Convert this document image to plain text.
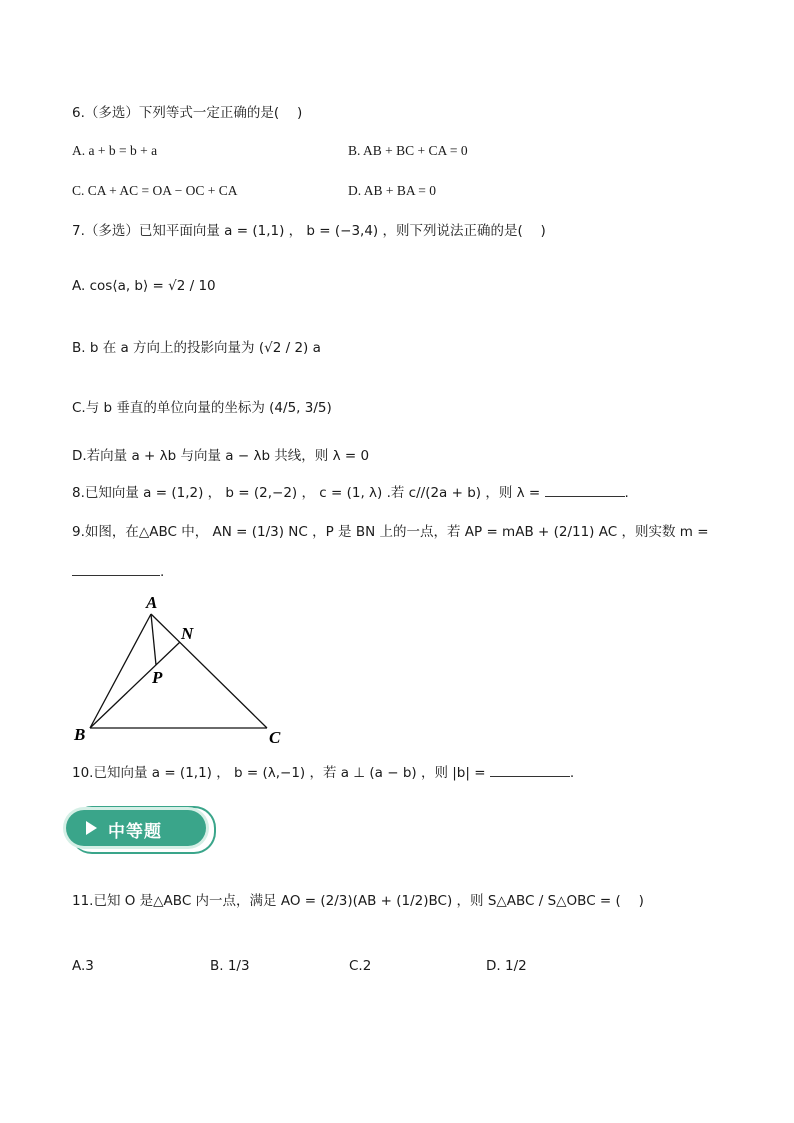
6.（多选）下列等式一定正确的是(　 )
A. a + b = b + a	B. AB + BC + CA = 0
C. CA + AC = OA − OC + CA	D. AB + BA = 0
7.（多选）已知平面向量 a = (1,1) ， b = (−3,4) ，则下列说法正确的是(　 )
A. cos⟨a, b⟩ = √2 / 10
B. b 在 a 方向上的投影向量为 (√2 / 2) a
C.与 b 垂直的单位向量的坐标为 (4/5, 3/5)
D.若向量 a + λb 与向量 a − λb 共线，则 λ = 0
8.已知向量 a = (1,2) ， b = (2,−2) ， c = (1, λ) .若 c//(2a + b) ，则 λ =	.
9.如图，在△ABC 中， AN = (1/3) NC ，P 是 BN 上的一点，若 AP = mAB + (2/11) AC ，则实数 m =
.
A
N
P
B	C
10.已知向量 a = (1,1) ， b = (λ,−1) ，若 a ⊥ (a − b) ，则 |b| =	.
中等题
11.已知 O 是△ABC 内一点，满足 AO = (2/3)(AB + (1/2)BC) ，则 S△ABC / S△OBC = (　 )
A.3	B. 1/3	C.2	D. 1/2
